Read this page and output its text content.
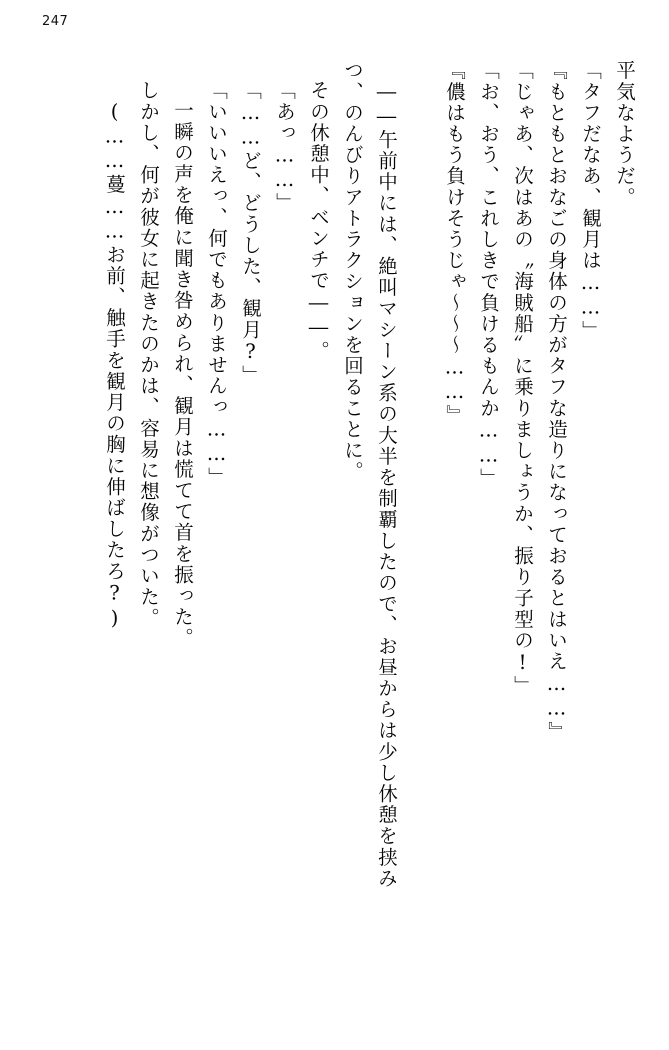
247
平気なようだ。
「タフだなあ、観月は……」
『もともとおなごの身体の方がタフな造りになっておるとはいえ……』
「じゃあ、次はあの〝海賊船〟に乗りましょうか、振り子型の!」
「お、おう、これしきで負けるもんか……」
『儂はもう負けそうじゃ～～～……』
――午前中には、絶叫マシーン系の大半を制覇したので、お昼からは少し休憩を挟み
つ、のんびりアトラクションを回ることに。
その休憩中、ベンチで――。
「あっ……」
「……ど、どうした、観月?」
「いいいえっ、何でもありませんっ……」
一瞬の声を俺に聞き咎められ、観月は慌てて首を振った。
しかし、何が彼女に起きたのかは、容易に想像がついた。
(……蔓……お前、触手を観月の胸に伸ばしたろ?)
